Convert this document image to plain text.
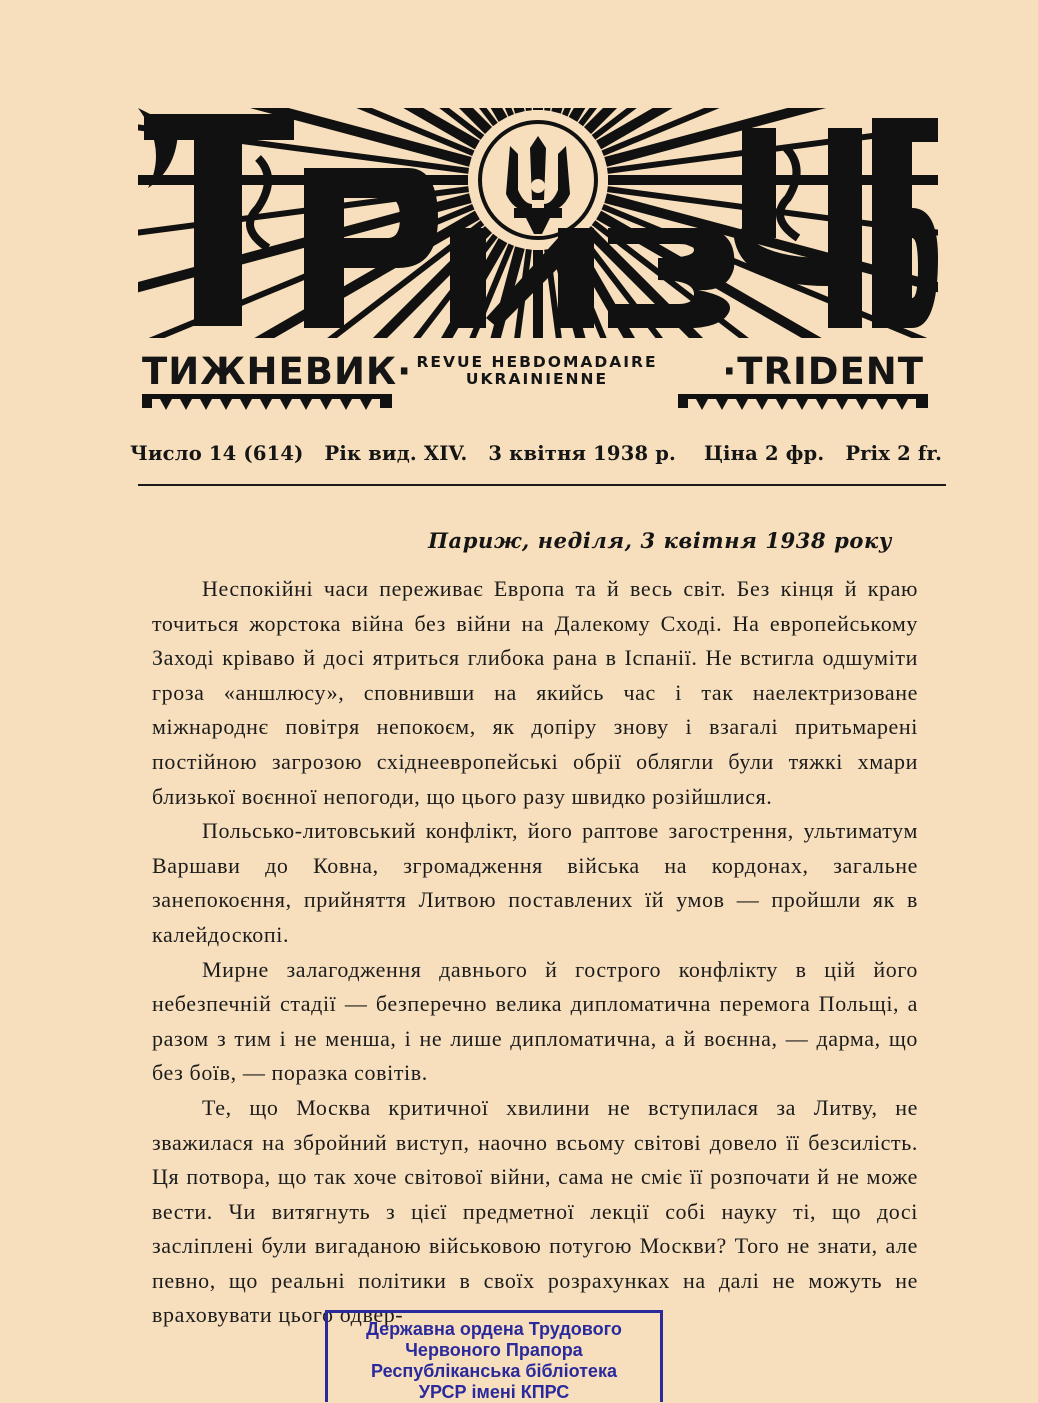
ТИЖНЕВИК· REVUE HEBDOMADAIRE
UKRAINIENNE	·TRIDENT
Число 14 (614) Рік вид. XIV. 3 квітня 1938 р. Ціна 2 фр. Prix 2 fr.
Париж, неділя, 3 квітня 1938 року

Неспокійні часи переживає Европа та й весь світ. Без кінця й краю точиться жорстока війна без війни на Далекому Сході. На европейському Заході кріваво й досі ятриться глибока рана в Іспанії. Не встигла одшуміти гроза «аншлюсу», сповнивши на якийсь час і так наелектризоване міжнароднє повітря непокоєм, як допіру знову і взагалі притьмарені постійною загрозою східнеевропейські обрії облягли були тяжкі хмари близької воєнної непогоди, що цього разу швидко розійшлися.

Польсько-литовський конфлікт, його раптове загострення, ультиматум Варшави до Ковна, згромадження війська на кордонах, загальне занепокоєння, прийняття Литвою поставлених їй умов — пройшли як в калейдоскопі.

Мирне залагодження давнього й гострого конфлікту в цій його небезпечній стадії — безперечно велика дипломатична перемога Польщі, а разом з тим і не менша, і не лише дипломатична, а й воєнна, — дарма, що без боїв, — поразка совітів.

Те, що Москва критичної хвилини не вступилася за Литву, не зважилася на збройний виступ, наочно всьому світові довело її безсилість. Ця потвора, що так хоче світової війни, сама не сміє її розпочати й не може вести. Чи витягнуть з цієї предметної лекції собі науку ті, що досі засліплені були вигаданою військовою потугою Москви? Того не знати, але певно, що реальні політики в своїх розрахунках на далі не можуть не враховувати цього одвер-

Державна ордена Трудового
Червоного Прапора
Республіканська бібліотека
УРСР імені КПРС
